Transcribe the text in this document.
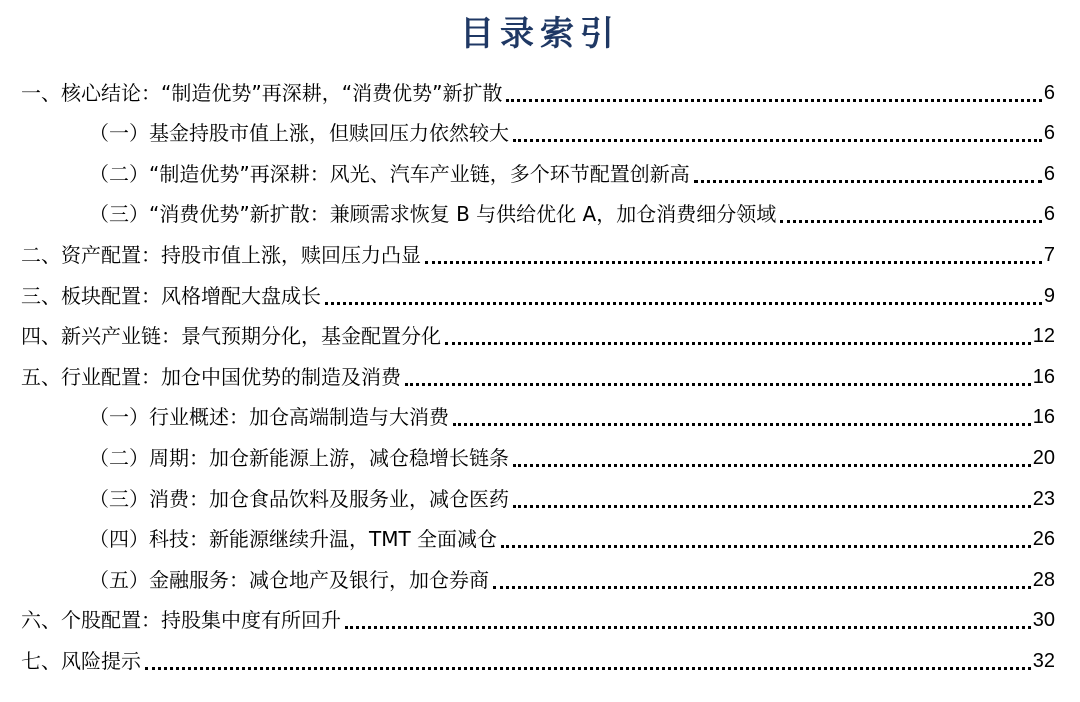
目录索引
一、核心结论：“制造优势”再深耕，“消费优势”新扩散	6
（一）基金持股市值上涨，但赎回压力依然较大	6
（二）“制造优势”再深耕：风光、汽车产业链，多个环节配置创新高	6
（三）“消费优势”新扩散：兼顾需求恢复 B 与供给优化 A，加仓消费细分领域	6
二、资产配置：持股市值上涨，赎回压力凸显	7
三、板块配置：风格增配大盘成长	9
四、新兴产业链：景气预期分化，基金配置分化	12
五、行业配置：加仓中国优势的制造及消费	16
（一）行业概述：加仓高端制造与大消费	16
（二）周期：加仓新能源上游，减仓稳增长链条	20
（三）消费：加仓食品饮料及服务业，减仓医药	23
（四）科技：新能源继续升温，TMT 全面减仓	26
（五）金融服务：减仓地产及银行，加仓券商	28
六、个股配置：持股集中度有所回升	30
七、风险提示	32
